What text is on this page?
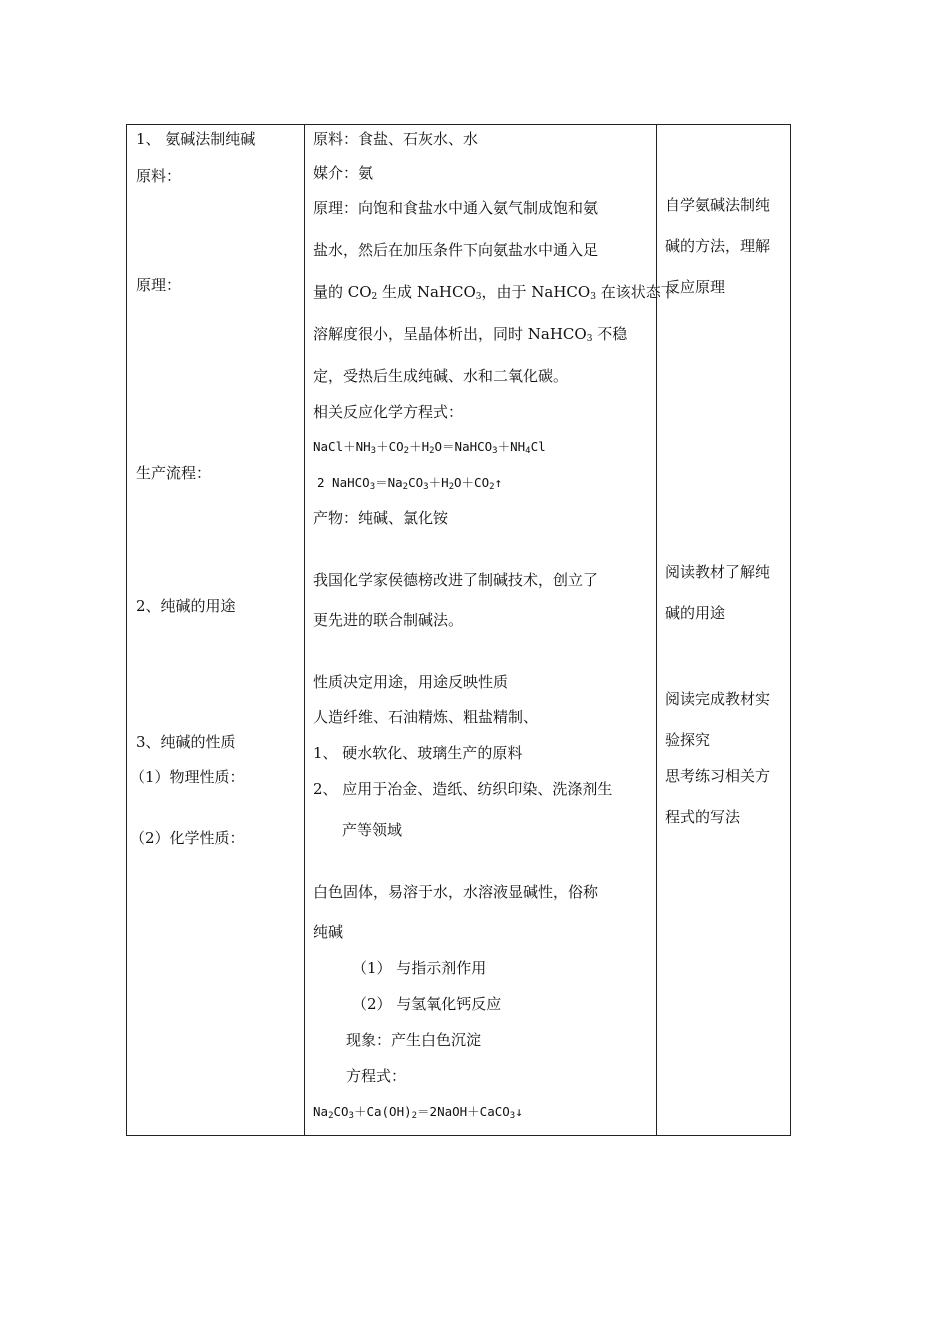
1、 氨碱法制纯碱
原料：
原理：
生产流程：
2、纯碱的用途
3、纯碱的性质
（1）物理性质：
（2）化学性质：
原料：食盐、石灰水、水
媒介：氨
原理：向饱和食盐水中通入氨气制成饱和氨
盐水，然后在加压条件下向氨盐水中通入足
量的 $CO_2$ 生成 NaHCO$_3$，由于 NaHCO$_3$ 在该状态下
溶解度很小，呈晶体析出，同时 NaHCO$_3$ 不稳
定，受热后生成纯碱、水和二氧化碳。
相关反应化学方程式：
$NaCl+NH_3+CO_2+H_2O=NaHCO_3+NH_4Cl$
2 $NaHCO_3=Na_2CO_3+H_2O+CO_2↑$
产物：纯碱、氯化铵
我国化学家侯德榜改进了制碱技术，创立了
更先进的联合制碱法。
性质决定用途，用途反映性质
人造纤维、石油精炼、粗盐精制、
1、 硬水软化、玻璃生产的原料
2、 应用于冶金、造纸、纺织印染、洗涤剂生
产等领域
白色固体，易溶于水，水溶液显碱性，俗称
纯碱
（1） 与指示剂作用
（2） 与氢氧化钙反应
现象：产生白色沉淀
方程式：
$Na_2CO_3+Ca(OH)_2=2NaOH+CaCO_3↓$
自学氨碱法制纯
碱的方法，理解
反应原理
阅读教材了解纯
碱的用途
阅读完成教材实
验探究
思考练习相关方
程式的写法
